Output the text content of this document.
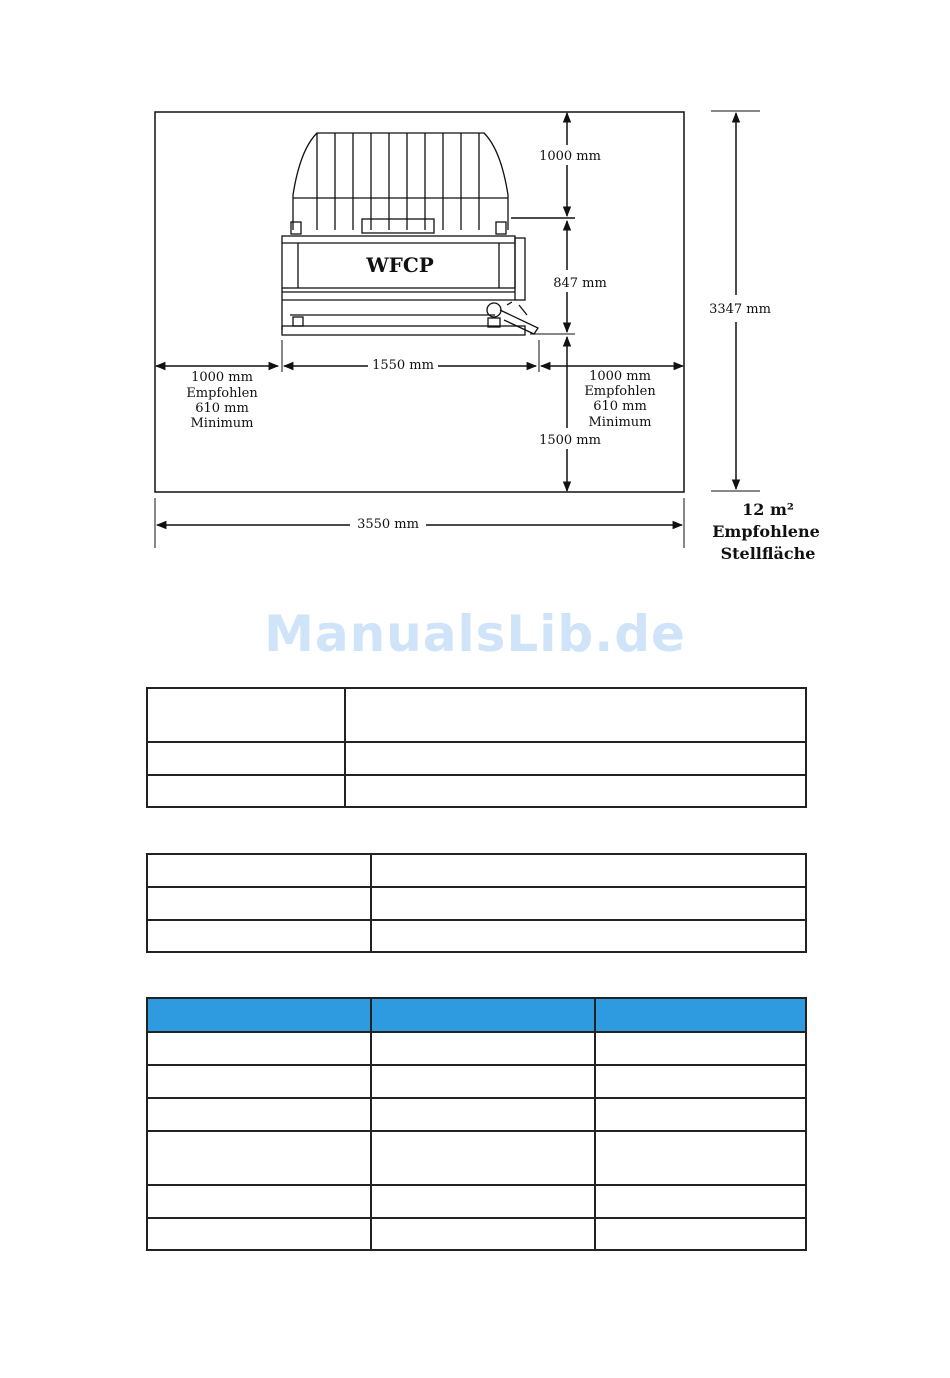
WFCP
1000 mm
847 mm
1500 mm
1550 mm
1000 mm
Empfohlen
610 mm
Minimum
1000 mm
Empfohlen
610 mm
Minimum
3550 mm
3347 mm
12 m²
Empfohlene
Stellfläche
ManualsLib.de
